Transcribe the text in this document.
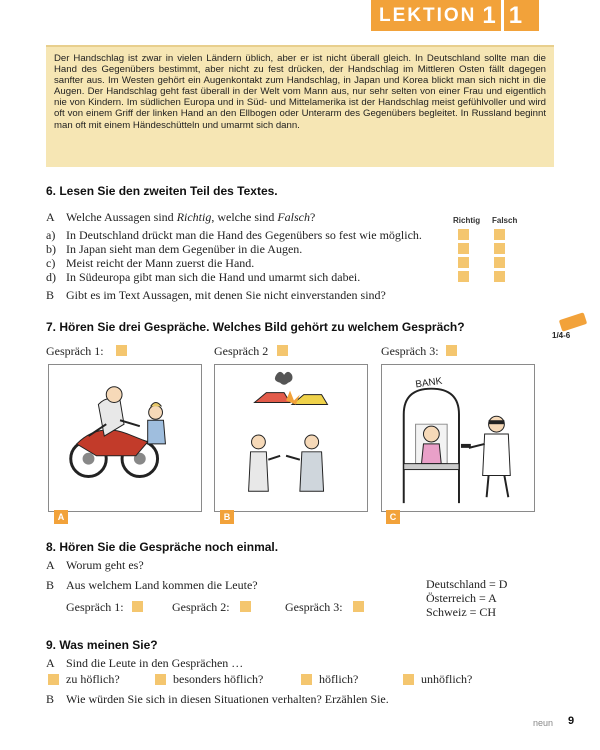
LEKTION 1 1

Der Handschlag ist zwar in vielen Ländern üblich, aber er ist nicht überall gleich. In Deutschland sollte man die Hand des Gegenübers bestimmt, aber nicht zu fest drücken, der Handschlag im Mittleren Osten fällt dagegen sanfter aus. Im Westen gehört ein Augenkontakt zum Handschlag, in Japan und Korea blickt man sich nicht in die Augen. Der Handschlag geht fast überall in der Welt vom Mann aus, nur sehr selten von einer Frau und eigentlich nie von Kindern. Im südlichen Europa und in Süd- und Mittelamerika ist der Handschlag meist gefühlvoller und wird oft von einem Griff der linken Hand an den Ellbogen oder Unterarm des Gegenübers begleitet. In Russland beginnt man oft mit einem Händeschütteln und umarmt sich dann.

6. Lesen Sie den zweiten Teil des Textes.
A Welche Aussagen sind Richtig, welche sind Falsch?	Richtig Falsch
a) In Deutschland drückt man die Hand des Gegenübers so fest wie möglich.
b) In Japan sieht man dem Gegenüber in die Augen.
c) Meist reicht der Mann zuerst die Hand.
d) In Südeuropa gibt man sich die Hand und umarmt sich dabei.
B Gibt es im Text Aussagen, mit denen Sie nicht einverstanden sind?
7. Hören Sie drei Gespräche. Welches Bild gehört zu welchem Gespräch?
1/4-6
Gespräch 1:	Gespräch 2	Gespräch 3:
A	B
BANK
C
8. Hören Sie die Gespräche noch einmal.
A Worum geht es?
B Aus welchem Land kommen die Leute?
Gespräch 1:	Gespräch 2:	Gespräch 3:
Deutschland = D
Österreich = A
Schweiz = CH
9. Was meinen Sie?
A Sind die Leute in den Gesprächen …
zu höflich?	besonders höflich?	höflich?	unhöflich?
B Wie würden Sie sich in diesen Situationen verhalten? Erzählen Sie.
neun 9
